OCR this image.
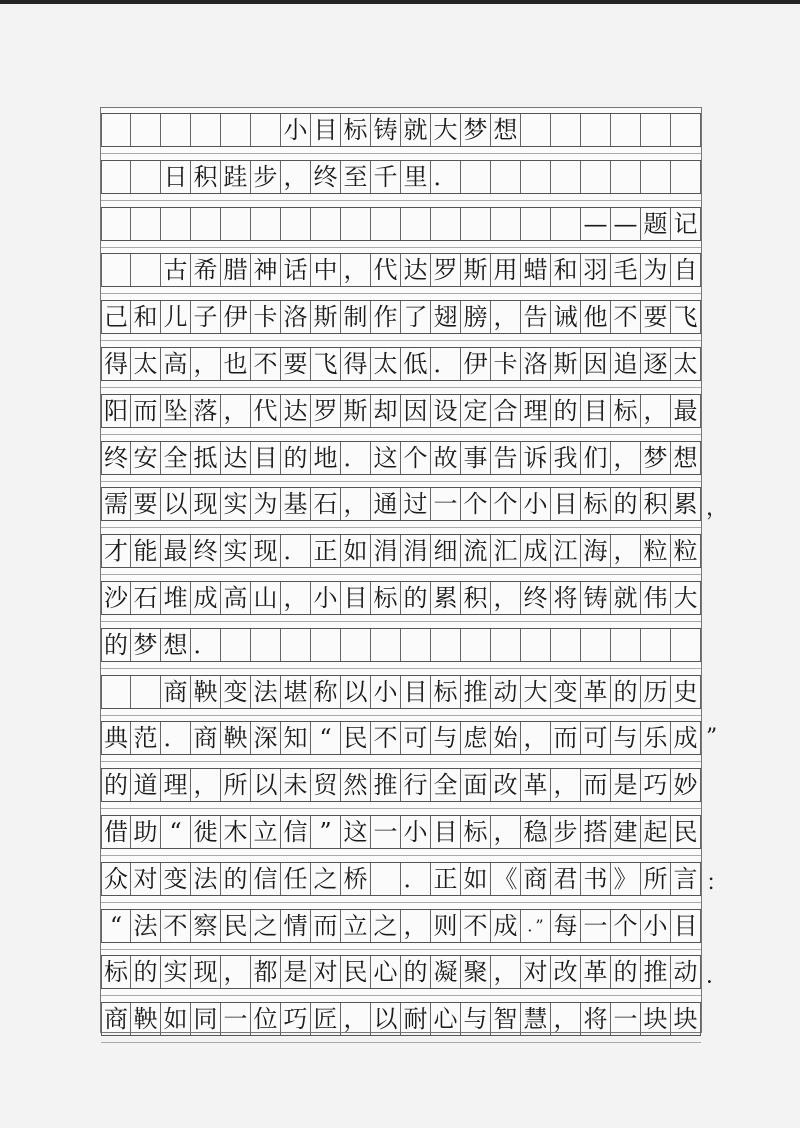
小 目 标 铸 就 大 梦 想
日 积 跬 步 ， 终 至 千 里 ．
— — 题 记
古 希 腊 神 话 中 ， 代 达 罗 斯 用 蜡 和 羽 毛 为 自
己 和 儿 子 伊 卡 洛 斯 制 作 了 翅 膀 ， 告 诫 他 不 要 飞
得 太 高 ， 也 不 要 飞 得 太 低 ． 伊 卡 洛 斯 因 追 逐 太
阳 而 坠 落 ， 代 达 罗 斯 却 因 设 定 合 理 的 目 标 ， 最
终 安 全 抵 达 目 的 地 ． 这 个 故 事 告 诉 我 们 ， 梦 想
需 要 以 现 实 为 基 石 ， 通 过 一 个 个 小 目 标 的 积 累 ，
才 能 最 终 实 现 ． 正 如 涓 涓 细 流 汇 成 江 海 ， 粒 粒
沙 石 堆 成 高 山 ， 小 目 标 的 累 积 ， 终 将 铸 就 伟 大
的 梦 想 ．
商 鞅 变 法 堪 称 以 小 目 标 推 动 大 变 革 的 历 史
典 范 ． 商 鞅 深 知 “ 民 不 可 与 虑 始 ， 而 可 与 乐 成 ”
的 道 理 ， 所 以 未 贸 然 推 行 全 面 改 革 ， 而 是 巧 妙
借 助 “ 徙 木 立 信 ” 这 一 小 目 标 ， 稳 步 搭 建 起 民
众 对 变 法 的 信 任 之 桥 ． 正 如 《 商 君 书 》 所 言 ：
“ 法 不 察 民 之 情 而 立 之 ， 则 不 成 ．” 每 一 个 小 目
标 的 实 现 ， 都 是 对 民 心 的 凝 聚 ， 对 改 革 的 推 动 ．
商 鞅 如 同 一 位 巧 匠 ， 以 耐 心 与 智 慧 ， 将 一 块 块
